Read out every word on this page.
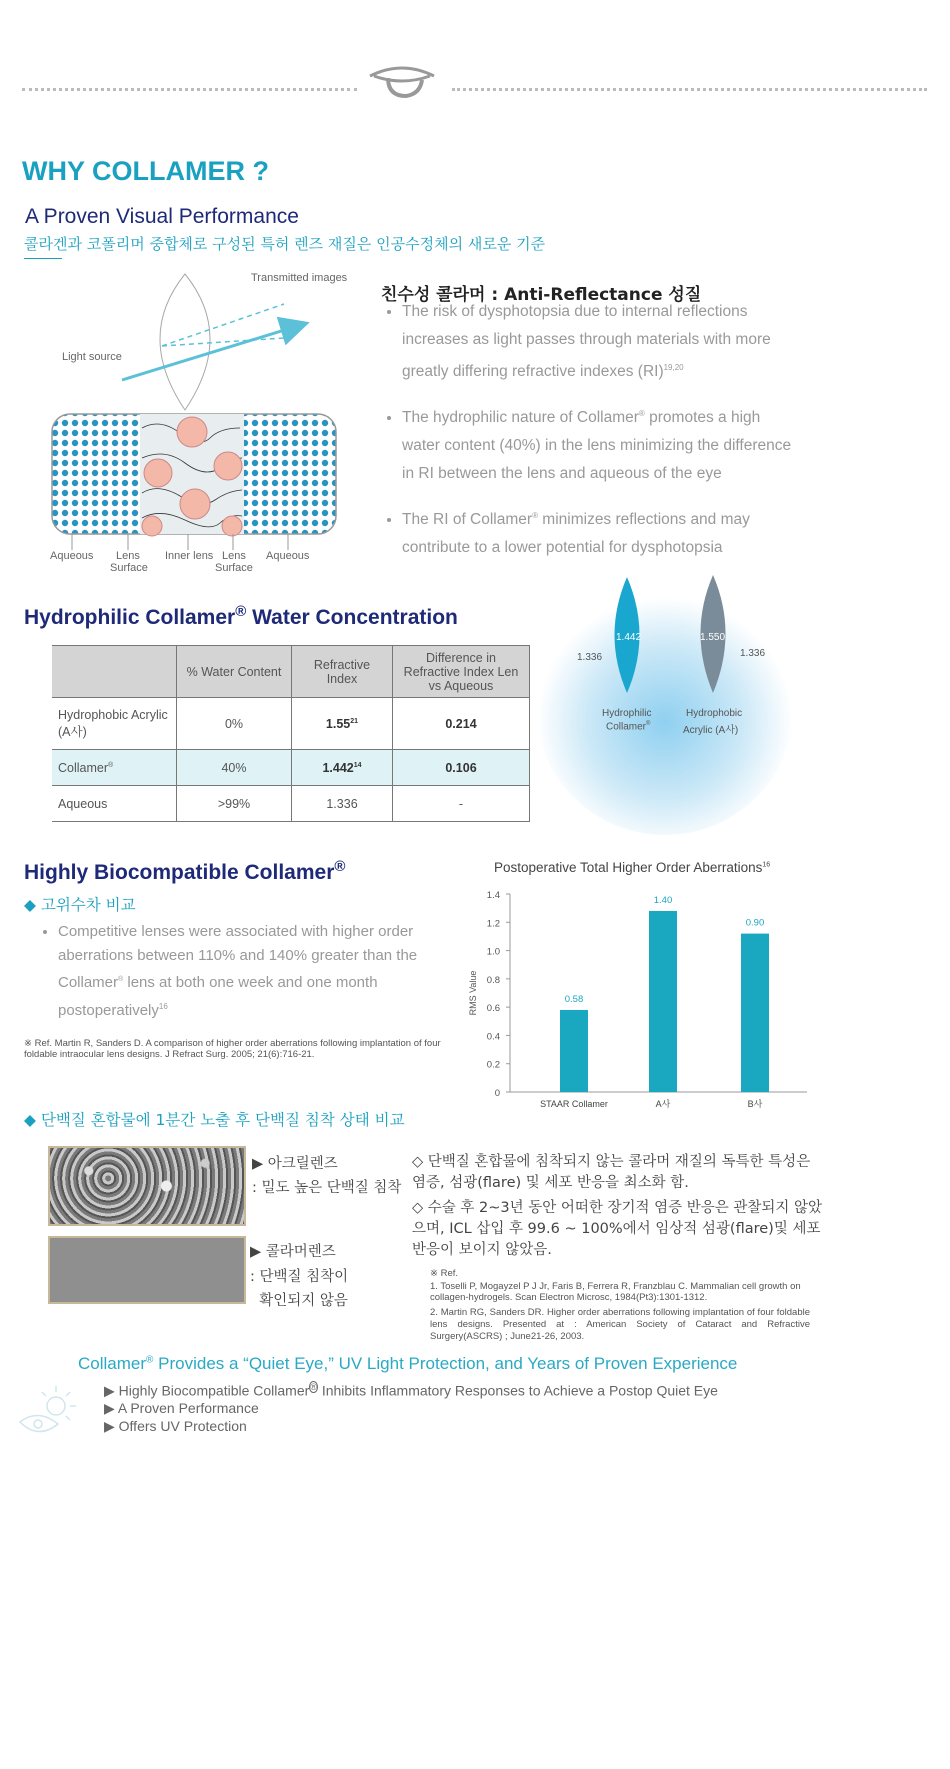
WHY COLLAMER ?
A Proven Visual Performance
콜라겐과 코폴리머 중합체로 구성된 특허 렌즈 재질은 인공수정체의 새로운 기준
Transmitted images
Light source
Aqueous Lens
Surface
Inner lens Lens
Surface
Aqueous
친수성 콜라머 : Anti-Reflectance 성질
• The risk of dysphotopsia due to internal reflections increases as light passes through materials with more greatly differing refractive indexes (RI)$^{19,20}$
• The hydrophilic nature of Collamer® promotes a high water content (40%) in the lens minimizing the difference in RI between the lens and aqueous of the eye
• The RI of Collamer® minimizes reflections and may contribute to a lower potential for dysphotopsia
Hydrophilic Collamer® Water Concentration
	% Water Content	Refractive Index	Difference in Refractive Index Len vs Aqueous
Hydrophobic Acrylic (A사)	0%	1.55$^{21}$	0.214
Collamer®	40%	1.442$^{14}$	0.106
Aqueous	>99%	1.336	-
1.336
1.442	1.550
1.336
Hydrophilic
Collamer®
Hydrophobic
Acrylic (A사)
Highly Biocompatible Collamer®
◆ 고위수차 비교
• Competitive lenses were associated with higher order aberrations between 110% and 140% greater than the Collamer® lens at both one week and one month postoperatively$^{16}$
※ Ref. Martin R, Sanders D. A comparison of higher order aberrations following implantation of four foldable intraocular lens designs. J Refract Surg. 2005; 21(6):716-21.
Postoperative Total Higher Order Aberrations$^{16}$
0
0.2
0.4
0.6
0.8
1.0
1.2
1.4
RMS Value	0.58
STAAR Collamer
1.40
A사
0.90
B사
◆ 단백질 혼합물에 1분간 노출 후 단백질 침착 상태 비교
▶ 아크릴렌즈
: 밀도 높은 단백질 침착
▶ 콜라머렌즈
: 단백질 침착이
확인되지 않음
◇ 단백질 혼합물에 침착되지 않는 콜라머 재질의 독특한 특성은 염증, 섬광(flare) 및 세포 반응을 최소화 함.
◇ 수술 후 2~3년 동안 어떠한 장기적 염증 반응은 관찰되지 않았으며, ICL 삽입 후 99.6 ~ 100%에서 임상적 섬광(flare)및 세포 반응이 보이지 않았음.
※ Ref.
1. Toselli P, Mogayzel P J Jr, Faris B, Ferrera R, Franzblau C. Mammalian cell growth on collagen-hydrogels. Scan Electron Microsc, 1984(Pt3):1301-1312.
2. Martin RG, Sanders DR. Higher order aberrations following implantation of four foldable lens designs. Presented at : American Society of Cataract and Refractive Surgery(ASCRS) ; June21-26, 2003.
Collamer® Provides a “Quiet Eye,” UV Light Protection, and Years of Proven Experience
▶ Highly Biocompatible Collamer® Inhibits Inflammatory Responses to Achieve a Postop Quiet Eye
▶ A Proven Performance
▶ Offers UV Protection
